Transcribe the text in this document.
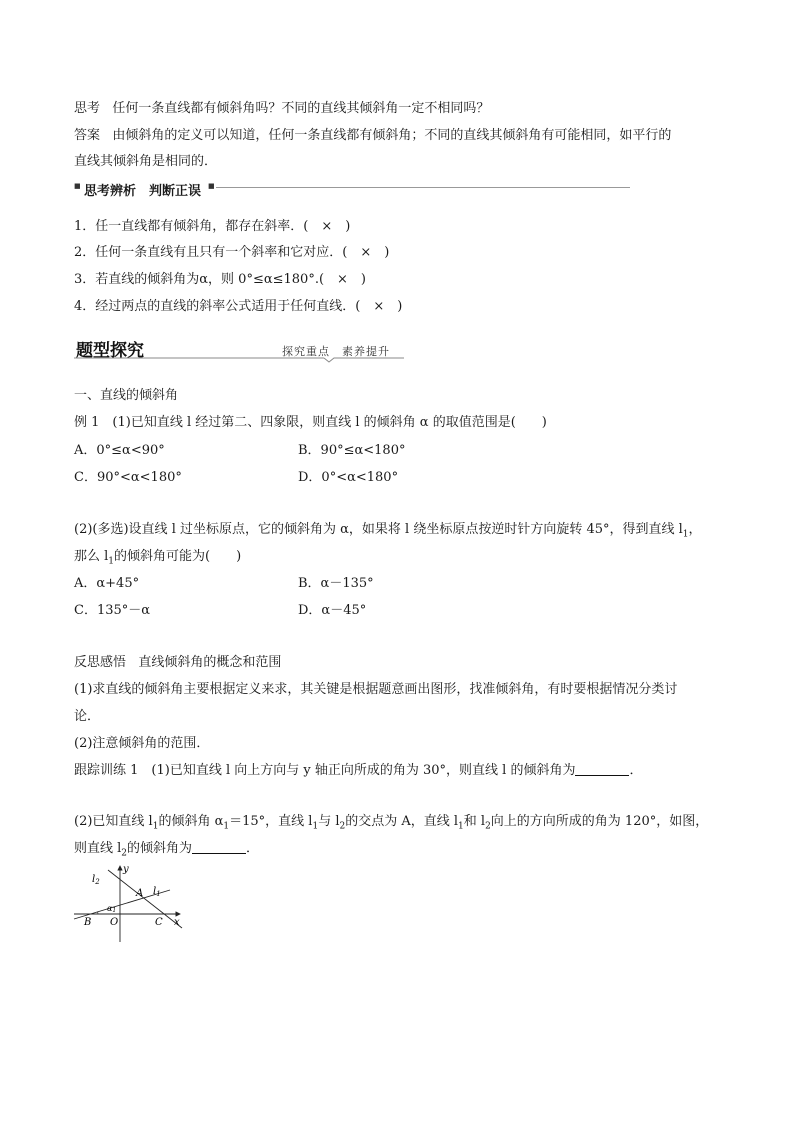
思考 任何一条直线都有倾斜角吗？不同的直线其倾斜角一定不相同吗？
答案 由倾斜角的定义可以知道，任何一条直线都有倾斜角；不同的直线其倾斜角有可能相同，如平行的
直线其倾斜角是相同的．
■ 思考辨析　判断正误 ■
1．任一直线都有倾斜角，都存在斜率．(　×　)
2．任何一条直线有且只有一个斜率和它对应．(　×　)
3．若直线的倾斜角为α，则 0°≤α≤180°.(　×　)
4．经过两点的直线的斜率公式适用于任何直线．(　×　)
题型探究	探究重点　素养提升
一、直线的倾斜角
例 1　(1)已知直线 l 经过第二、四象限，则直线 l 的倾斜角 α 的取值范围是(　　)
A．0°≤α<90°	B．90°≤α<180°
C．90°<α<180°	D．0°<α<180°
(2)(多选)设直线 l 过坐标原点，它的倾斜角为 α，如果将 l 绕坐标原点按逆时针方向旋转 45°，得到直线 $l_1$，
那么 $l_1$的倾斜角可能为(　　)
A．α+45°	B．α－135°
C．135°－α	D．α－45°
反思感悟 直线倾斜角的概念和范围
(1)求直线的倾斜角主要根据定义来求，其关键是根据题意画出图形，找准倾斜角，有时要根据情况分类讨
论．
(2)注意倾斜角的范围．
跟踪训练 1　(1)已知直线 l 向上方向与 y 轴正向所成的角为 30°，则直线 l 的倾斜角为	．
(2)已知直线 $l_1$的倾斜角 $\alpha_1=15^\circ$，直线 $l_1$与 $l_2$的交点为 A，直线 $l_1$和 $l_2$向上的方向所成的角为 120°，如图，
则直线 $l_2$的倾斜角为	．
$l_2$
y
A $l_1$
α1
x
B O	C
